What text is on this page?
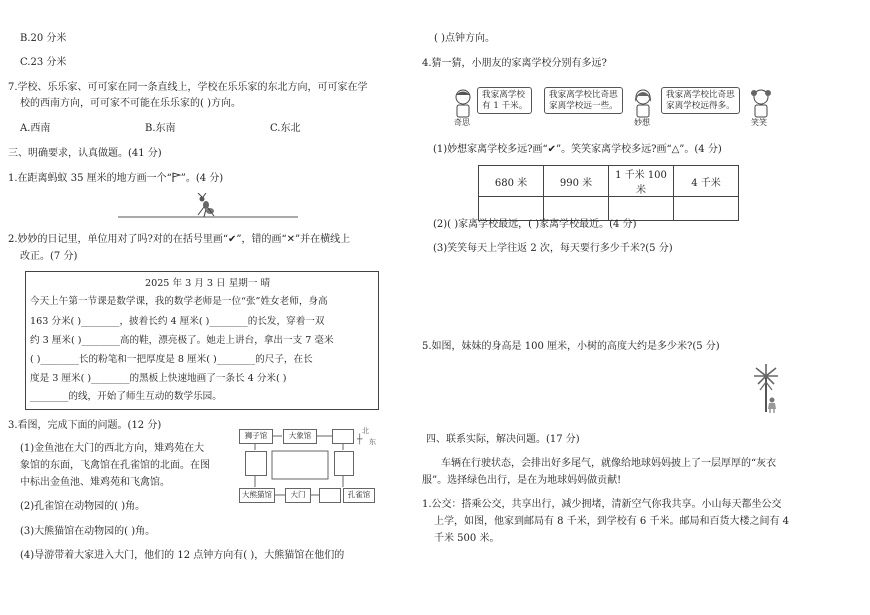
B.20 分米
C.23 分米
7.学校、乐乐家、可可家在同一条直线上，学校在乐乐家的东北方向，可可家在学
校的西南方向，可可家不可能在乐乐家的( )方向。
A.西南	B.东南	C.东北
三、明确要求，认真做题。(41 分)
1.在距离蚂蚁 35 厘米的地方画一个“ ”。(4 分)
2.妙妙的日记里，单位用对了吗?对的在括号里画“✔”，错的画“✕”并在横线上
改正。(7 分)
2025 年 3 月 3 日 星期一 晴
今天上午第一节课是数学课，我的数学老师是一位“张”姓女老师，身高
163 分米( )________，披着长约 4 厘米( )________的长发，穿着一双
约 3 厘米( )________高的鞋，漂亮极了。她走上讲台，拿出一支 7 毫米
( )________长的粉笔和一把厚度是 8 厘米( )________的尺子，在长
度是 3 厘米( )________的黑板上快速地画了一条长 4 分米( )
________的线，开始了师生互动的数学乐园。
3.看图，完成下面的问题。(12 分)
(1)金鱼池在大门的西北方向，雉鸡苑在大
象馆的东面，飞禽馆在孔雀馆的北面。在图
中标出金鱼池、雉鸡苑和飞禽馆。
(2)孔雀馆在动物园的( )角。
(3)大熊猫馆在动物园的( )角。
(4)导游带着大家进入大门，他们的 12 点钟方向有( )，大熊猫馆在他们的
狮子馆	大象馆
大熊猫馆	大门	孔雀馆
北
┼ 东
( )点钟方向。
4.猜一猜，小朋友的家离学校分别有多远?
我家离学校
有 1 千米。
奇思
我家离学校比奇思
家离学校远一些。
妙想
我家离学校比奇思
家离学校远得多。
笑笑
(1)妙想家离学校多远?画“✔”。笑笑家离学校多远?画“△”。(4 分)
680 米	990 米	1 千米 100 米	4 千米

(2)( )家离学校最远，( )家离学校最近。(4 分)
(3)笑笑每天上学往返 2 次，每天要行多少千米?(5 分)
5.如图，妹妹的身高是 100 厘米，小树的高度大约是多少米?(5 分)
四、联系实际，解决问题。(17 分)
车辆在行驶状态，会排出好多尾气，就像给地球妈妈披上了一层厚厚的“灰衣
服”。选择绿色出行，是在为地球妈妈做贡献!
1.公交：搭乘公交，共享出行，减少拥堵，清新空气你我共享。小山每天都坐公交
上学，如图，他家到邮局有 8 千米，到学校有 6 千米。邮局和百货大楼之间有 4
千米 500 米。
